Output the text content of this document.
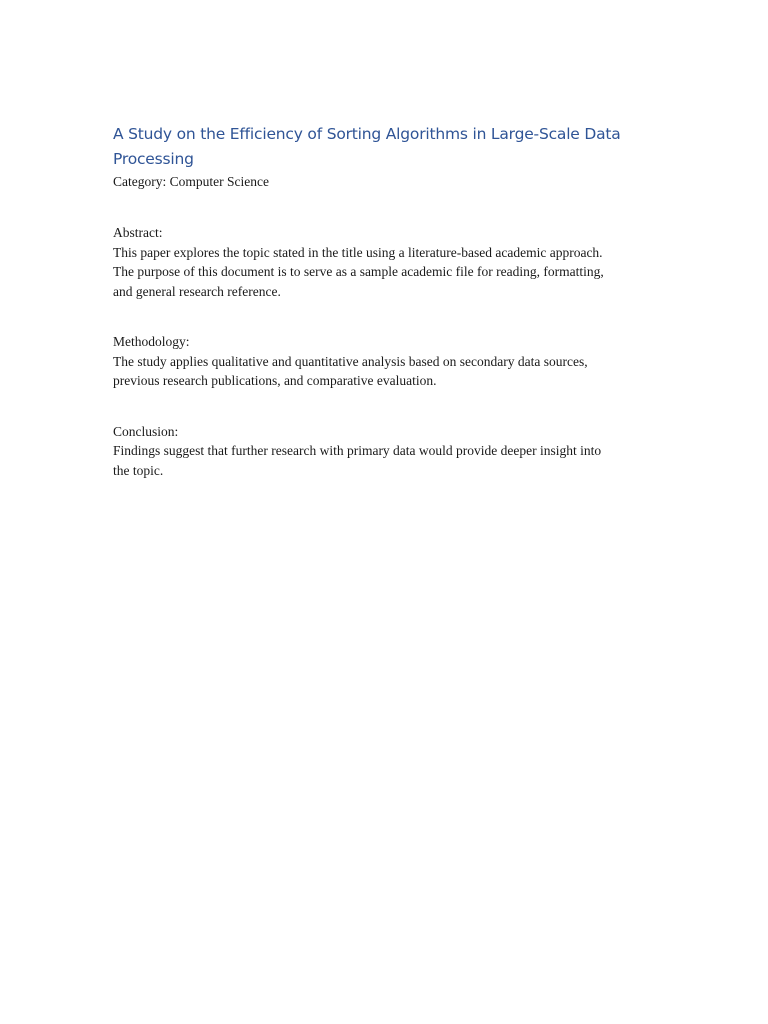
A Study on the Efficiency of Sorting Algorithms in Large-Scale Data
Processing

Category: Computer Science

Abstract:

This paper explores the topic stated in the title using a literature-based academic approach.
The purpose of this document is to serve as a sample academic file for reading, formatting,
and general research reference.

Methodology:

The study applies qualitative and quantitative analysis based on secondary data sources,
previous research publications, and comparative evaluation.

Conclusion:

Findings suggest that further research with primary data would provide deeper insight into
the topic.
